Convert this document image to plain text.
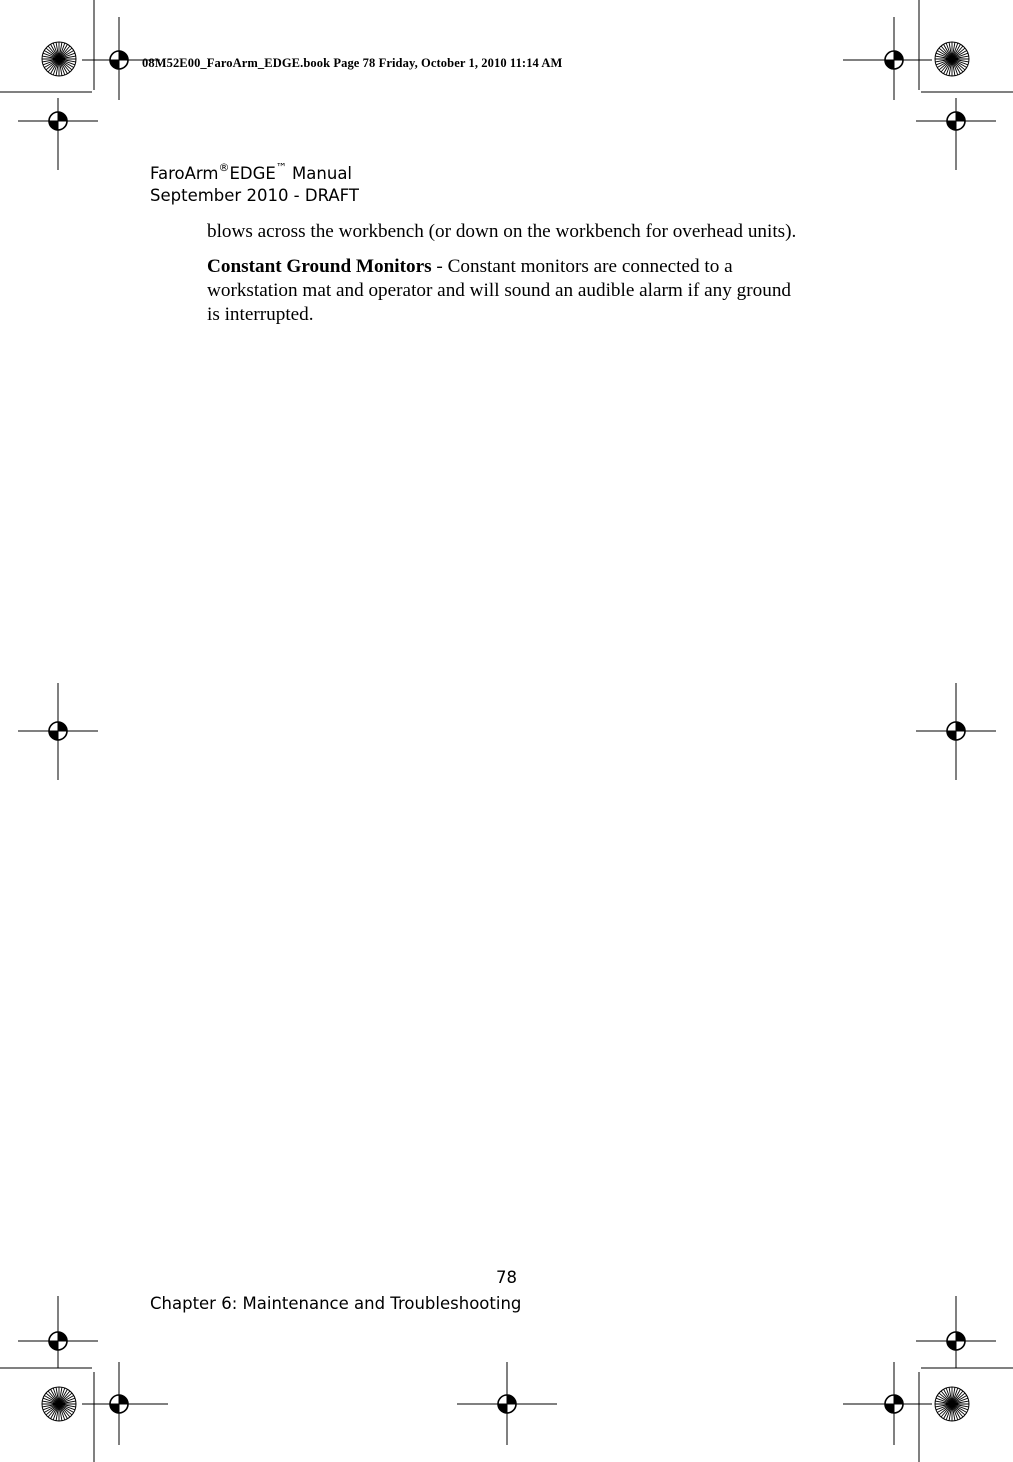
08M52E00_FaroArm_EDGE.book Page 78 Friday, October 1, 2010 11:14 AM
FaroArm®EDGE™ Manual
September 2010 - DRAFT

blows across the workbench (or down on the workbench for overhead units).

Constant Ground Monitors - Constant monitors are connected to a workstation mat and operator and will sound an audible alarm if any ground is interrupted.

78
Chapter 6: Maintenance and Troubleshooting
